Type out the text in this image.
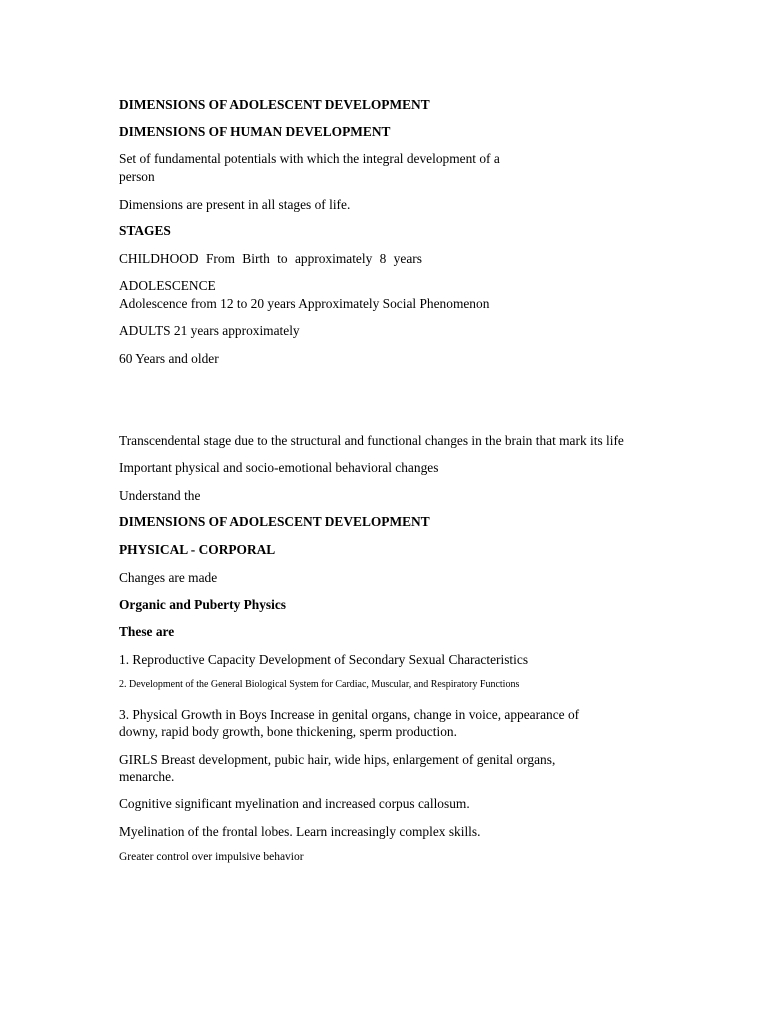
DIMENSIONS OF ADOLESCENT DEVELOPMENT

DIMENSIONS OF HUMAN DEVELOPMENT

Set of fundamental potentials with which the integral development of a

person

Dimensions are present in all stages of life.

STAGES

CHILDHOOD From Birth to approximately 8 years

ADOLESCENCE

Adolescence from 12 to 20 years Approximately Social Phenomenon

ADULTS 21 years approximately

60 Years and older

Transcendental stage due to the structural and functional changes in the brain that mark its life

Important physical and socio-emotional behavioral changes

Understand the

DIMENSIONS OF ADOLESCENT DEVELOPMENT

PHYSICAL - CORPORAL

Changes are made

Organic and Puberty Physics

These are

1. Reproductive Capacity Development of Secondary Sexual Characteristics

2. Development of the General Biological System for Cardiac, Muscular, and Respiratory Functions

3. Physical Growth in Boys Increase in genital organs, change in voice, appearance of

downy, rapid body growth, bone thickening, sperm production.

GIRLS Breast development, pubic hair, wide hips, enlargement of genital organs,

menarche.

Cognitive significant myelination and increased corpus callosum.

Myelination of the frontal lobes. Learn increasingly complex skills.

Greater control over impulsive behavior
